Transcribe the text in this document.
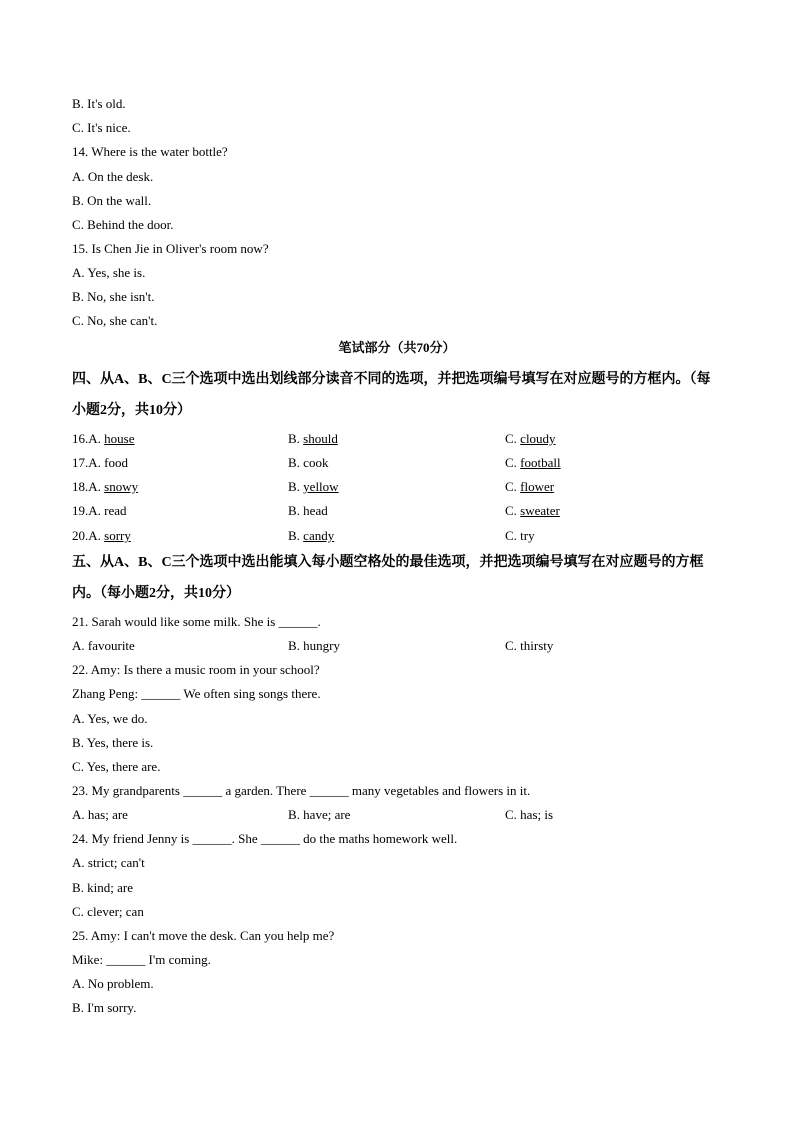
B. It's old.
C. It's nice.
14. Where is the water bottle?
A. On the desk.
B. On the wall.
C. Behind the door.
15. Is Chen Jie in Oliver's room now?
A. Yes, she is.
B. No, she isn't.
C. No, she can't.
笔试部分（共70分）
四、从A、B、C三个选项中选出划线部分读音不同的选项，并把选项编号填写在对应题号的方框内。（每小题2分，共10分）
16.A. house	B. should	C. cloudy
17.A. food	B. cook	C. football
18.A. snowy	B. yellow	C. flower
19.A. read	B. head	C. sweater
20.A. sorry	B. candy	C. try
五、从A、B、C三个选项中选出能填入每小题空格处的最佳选项，并把选项编号填写在对应题号的方框内。（每小题2分，共10分）
21. Sarah would like some milk. She is ______.
A. favourite	B. hungry	C. thirsty
22. Amy: Is there a music room in your school?
Zhang Peng: ______ We often sing songs there.
A. Yes, we do.
B. Yes, there is.
C. Yes, there are.
23. My grandparents ______ a garden. There ______ many vegetables and flowers in it.
A. has; are	B. have; are	C. has; is
24. My friend Jenny is ______. She ______ do the maths homework well.
A. strict; can't
B. kind; are
C. clever; can
25. Amy: I can't move the desk. Can you help me?
Mike: ______ I'm coming.
A. No problem.
B. I'm sorry.
